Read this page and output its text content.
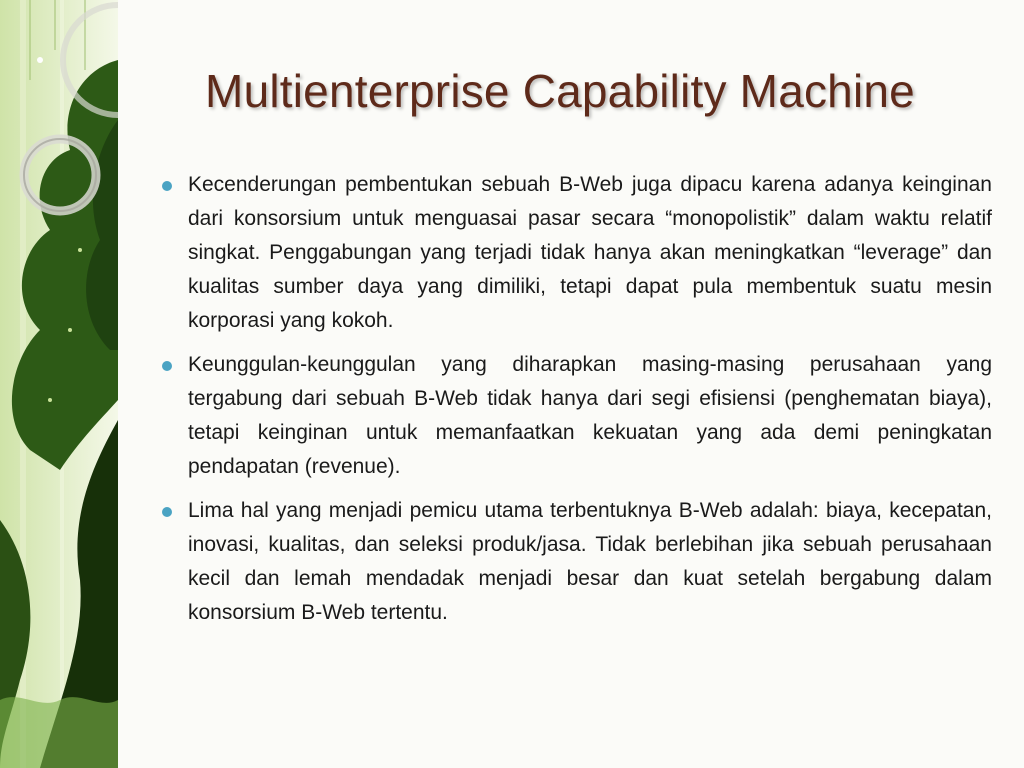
Multienterprise Capability Machine

Kecenderungan pembentukan sebuah B-Web juga dipacu karena adanya keinginan dari konsorsium untuk menguasai pasar secara “monopolistik” dalam waktu relatif singkat. Penggabungan yang terjadi tidak hanya akan meningkatkan “leverage” dan kualitas sumber daya yang dimiliki, tetapi dapat pula membentuk suatu mesin korporasi yang kokoh.

Keunggulan-keunggulan yang diharapkan masing-masing perusahaan yang tergabung dari sebuah B-Web tidak hanya dari segi efisiensi (penghematan biaya), tetapi keinginan untuk memanfaatkan kekuatan yang ada demi peningkatan pendapatan (revenue).

Lima hal yang menjadi pemicu utama terbentuknya B-Web adalah: biaya, kecepatan, inovasi, kualitas, dan seleksi produk/jasa. Tidak berlebihan jika sebuah perusahaan kecil dan lemah mendadak menjadi besar dan kuat setelah bergabung dalam konsorsium B-Web tertentu.
